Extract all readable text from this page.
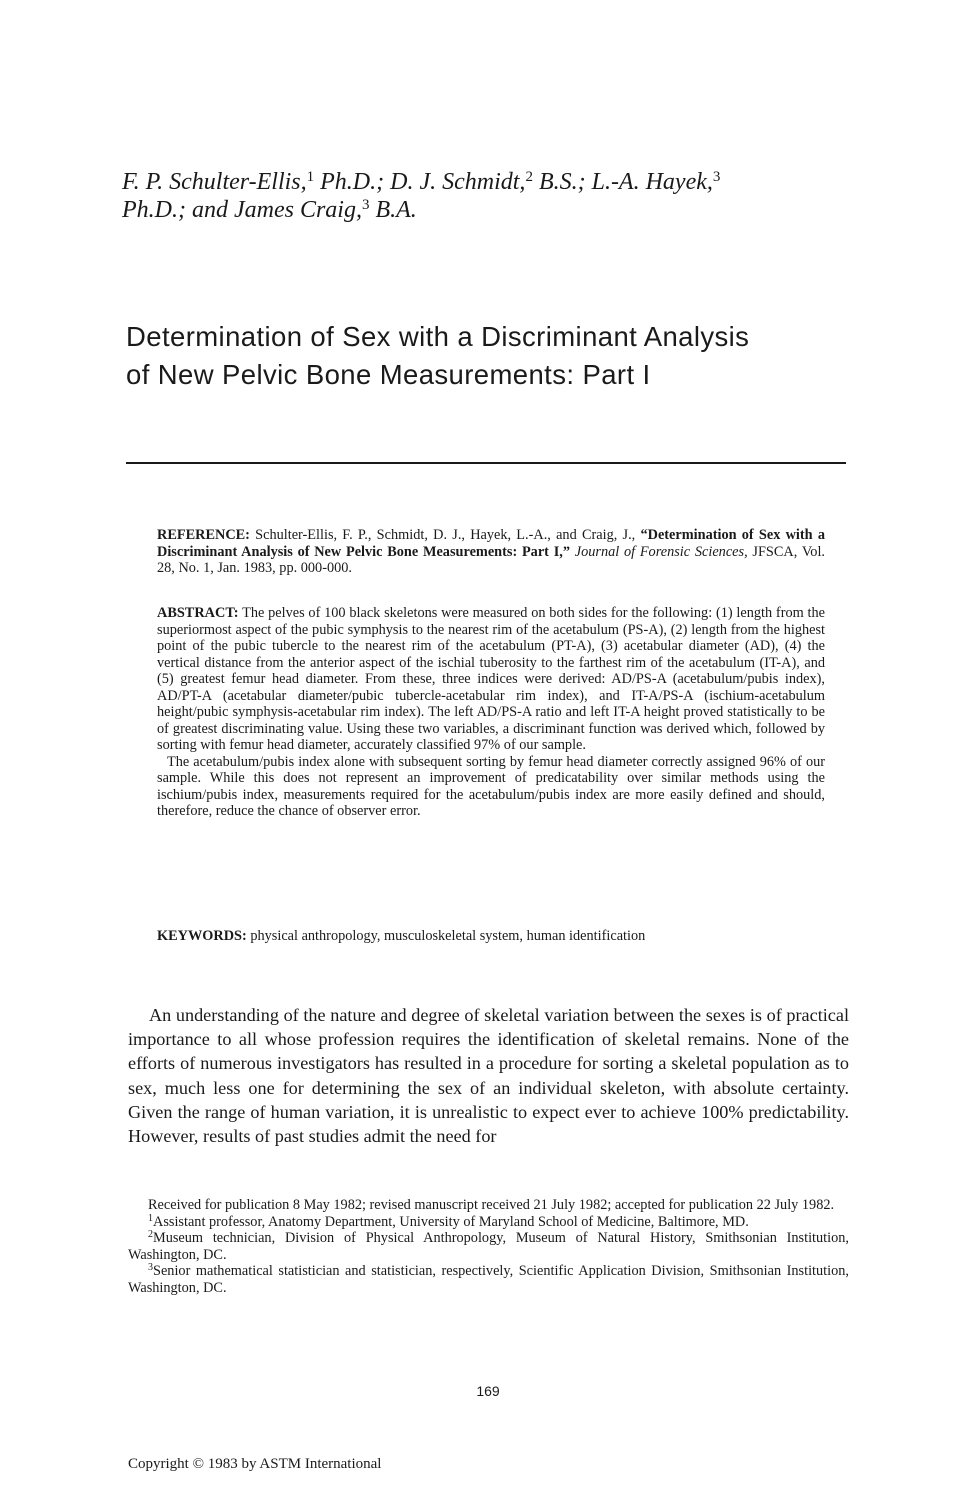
F. P. Schulter-Ellis,$^1$ Ph.D.; D. J. Schmidt,$^2$ B.S.; L.-A. Hayek,$^3$
Ph.D.; and James Craig,$^3$ B.A.
Determination of Sex with a Discriminant Analysis
of New Pelvic Bone Measurements: Part I

REFERENCE: Schulter-Ellis, F. P., Schmidt, D. J., Hayek, L.-A., and Craig, J., “Determination of Sex with a Discriminant Analysis of New Pelvic Bone Measurements: Part I,” Journal of Forensic Sciences, JFSCA, Vol. 28, No. 1, Jan. 1983, pp. 000-000.

ABSTRACT: The pelves of 100 black skeletons were measured on both sides for the following: (1) length from the superiormost aspect of the pubic symphysis to the nearest rim of the acetabulum (PS-A), (2) length from the highest point of the pubic tubercle to the nearest rim of the acetabulum (PT-A), (3) acetabular diameter (AD), (4) the vertical distance from the anterior aspect of the ischial tuberosity to the farthest rim of the acetabulum (IT-A), and (5) greatest femur head diameter. From these, three indices were derived: AD/PS-A (acetabulum/pubis index), AD/PT-A (acetabular diameter/pubic tubercle-acetabular rim index), and IT-A/PS-A (ischium-acetabulum height/pubic symphysis-acetabular rim index). The left AD/PS-A ratio and left IT-A height proved statistically to be of greatest discriminating value. Using these two variables, a discriminant function was derived which, followed by sorting with femur head diameter, accurately classified 97% of our sample.

The acetabulum/pubis index alone with subsequent sorting by femur head diameter correctly assigned 96% of our sample. While this does not represent an improvement of predicatability over similar methods using the ischium/pubis index, measurements required for the acetabulum/pubis index are more easily defined and should, therefore, reduce the chance of observer error.

KEYWORDS: physical anthropology, musculoskeletal system, human identification

An understanding of the nature and degree of skeletal variation between the sexes is of practical importance to all whose profession requires the identification of skeletal remains. None of the efforts of numerous investigators has resulted in a procedure for sorting a skeletal population as to sex, much less one for determining the sex of an individual skeleton, with absolute certainty. Given the range of human variation, it is unrealistic to expect ever to achieve 100% predictability. However, results of past studies admit the need for

Received for publication 8 May 1982; revised manuscript received 21 July 1982; accepted for publication 22 July 1982.

$^1$Assistant professor, Anatomy Department, University of Maryland School of Medicine, Baltimore, MD.

$^2$Museum technician, Division of Physical Anthropology, Museum of Natural History, Smithsonian Institution, Washington, DC.

$^3$Senior mathematical statistician and statistician, respectively, Scientific Application Division, Smithsonian Institution, Washington, DC.

169
Copyright © 1983 by ASTM International
